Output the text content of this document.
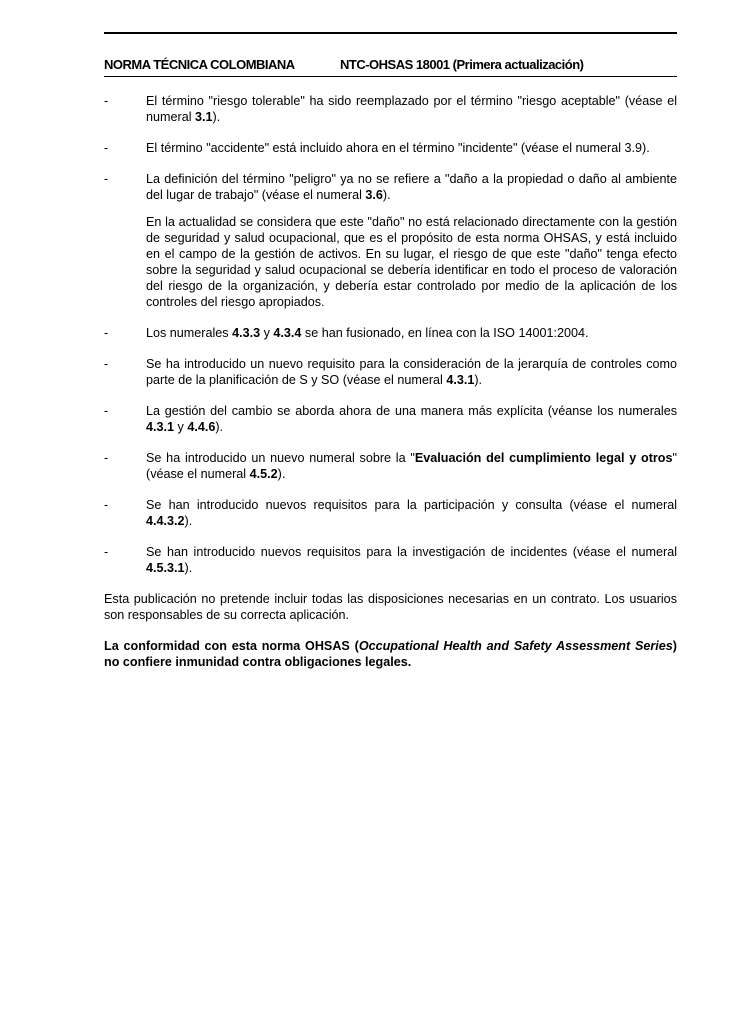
NORMA TÉCNICA COLOMBIANA	NTC-OHSAS 18001 (Primera actualización)
-	El término "riesgo tolerable" ha sido reemplazado por el término "riesgo aceptable" (véase el numeral 3.1).
-	El término "accidente" está incluido ahora en el término "incidente" (véase el numeral 3.9).
-	La definición del término "peligro" ya no se refiere a "daño a la propiedad o daño al ambiente del lugar de trabajo" (véase el numeral 3.6).
En la actualidad se considera que este "daño" no está relacionado directamente con la gestión de seguridad y salud ocupacional, que es el propósito de esta norma OHSAS, y está incluido en el campo de la gestión de activos. En su lugar, el riesgo de que este "daño" tenga efecto sobre la seguridad y salud ocupacional se debería identificar en todo el proceso de valoración del riesgo de la organización, y debería estar controlado por medio de la aplicación de los controles del riesgo apropiados.
-	Los numerales 4.3.3 y 4.3.4 se han fusionado, en línea con la ISO 14001:2004.
-	Se ha introducido un nuevo requisito para la consideración de la jerarquía de controles como parte de la planificación de S y SO (véase el numeral 4.3.1).
-	La gestión del cambio se aborda ahora de una manera más explícita (véanse los numerales 4.3.1 y 4.4.6).
-	Se ha introducido un nuevo numeral sobre la "Evaluación del cumplimiento legal y otros" (véase el numeral 4.5.2).
-	Se han introducido nuevos requisitos para la participación y consulta (véase el numeral 4.4.3.2).
-	Se han introducido nuevos requisitos para la investigación de incidentes (véase el numeral 4.5.3.1).
Esta publicación no pretende incluir todas las disposiciones necesarias en un contrato. Los usuarios son responsables de su correcta aplicación.
La conformidad con esta norma OHSAS (Occupational Health and Safety Assessment Series) no confiere inmunidad contra obligaciones legales.
